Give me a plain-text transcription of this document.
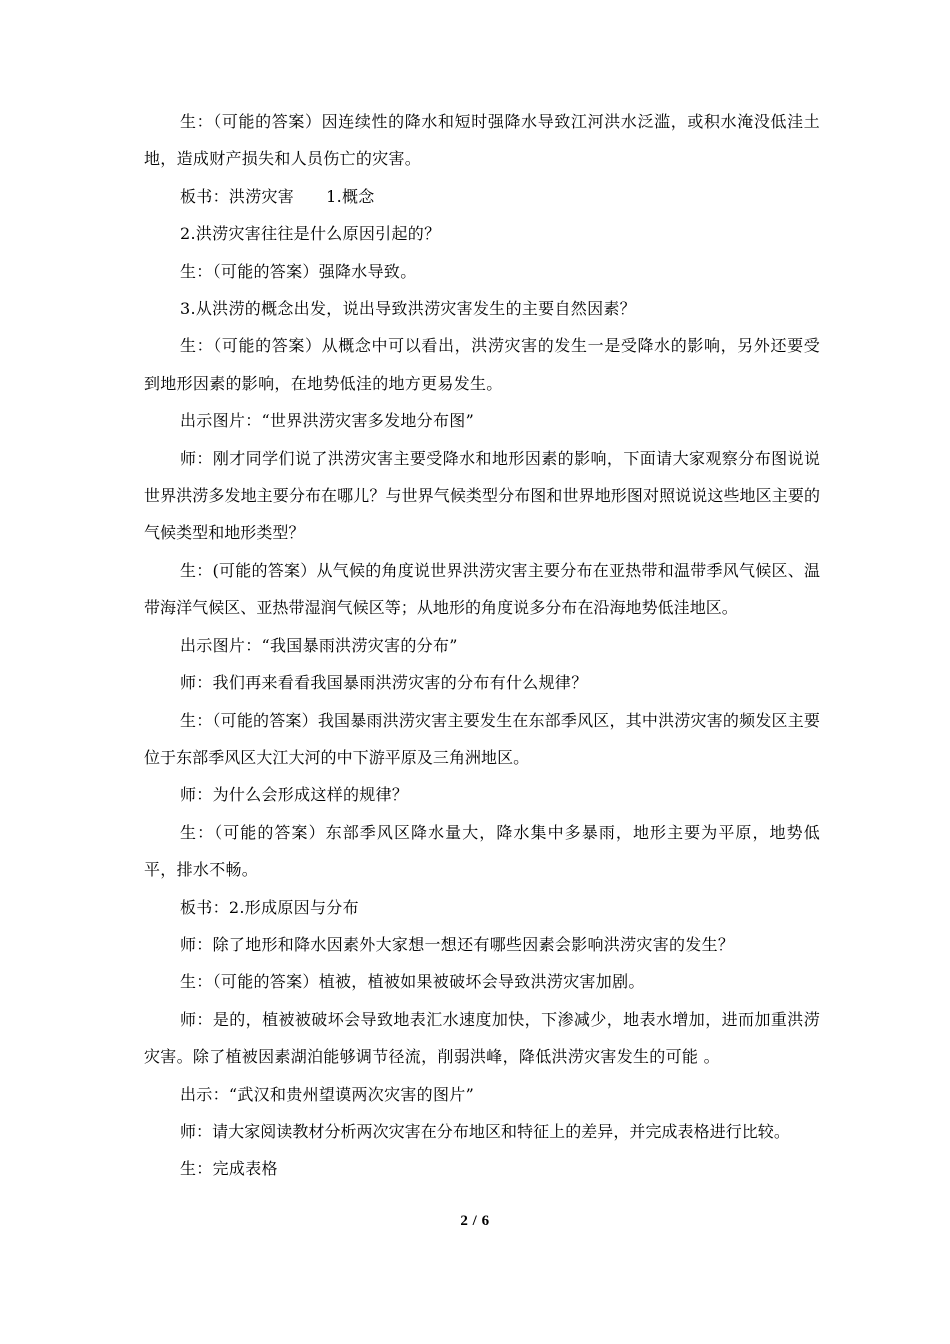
生：（可能的答案）因连续性的降水和短时强降水导致江河洪水泛滥，或积水淹没低洼土地，造成财产损失和人员伤亡的灾害。

板书：洪涝灾害 1.概念

2.洪涝灾害往往是什么原因引起的？

生：（可能的答案）强降水导致。

3.从洪涝的概念出发，说出导致洪涝灾害发生的主要自然因素？

生：（可能的答案）从概念中可以看出，洪涝灾害的发生一是受降水的影响，另外还要受到地形因素的影响，在地势低洼的地方更易发生。

出示图片：“世界洪涝灾害多发地分布图”

师：刚才同学们说了洪涝灾害主要受降水和地形因素的影响，下面请大家观察分布图说说世界洪涝多发地主要分布在哪儿？与世界气候类型分布图和世界地形图对照说说这些地区主要的气候类型和地形类型？

生：(可能的答案）从气候的角度说世界洪涝灾害主要分布在亚热带和温带季风气候区、温带海洋气候区、亚热带湿润气候区等；从地形的角度说多分布在沿海地势低洼地区。

出示图片：“我国暴雨洪涝灾害的分布”

师：我们再来看看我国暴雨洪涝灾害的分布有什么规律？

生：（可能的答案）我国暴雨洪涝灾害主要发生在东部季风区，其中洪涝灾害的频发区主要位于东部季风区大江大河的中下游平原及三角洲地区。

师：为什么会形成这样的规律？

生：（可能的答案）东部季风区降水量大，降水集中多暴雨，地形主要为平原，地势低平，排水不畅。

板书：2.形成原因与分布

师：除了地形和降水因素外大家想一想还有哪些因素会影响洪涝灾害的发生？

生：（可能的答案）植被，植被如果被破坏会导致洪涝灾害加剧。

师：是的，植被被破坏会导致地表汇水速度加快，下渗减少，地表水增加，进而加重洪涝灾害。除了植被因素湖泊能够调节径流，削弱洪峰，降低洪涝灾害发生的可能 。

出示：“武汉和贵州望谟两次灾害的图片”

师：请大家阅读教材分析两次灾害在分布地区和特征上的差异，并完成表格进行比较。

生：完成表格

2 / 6
